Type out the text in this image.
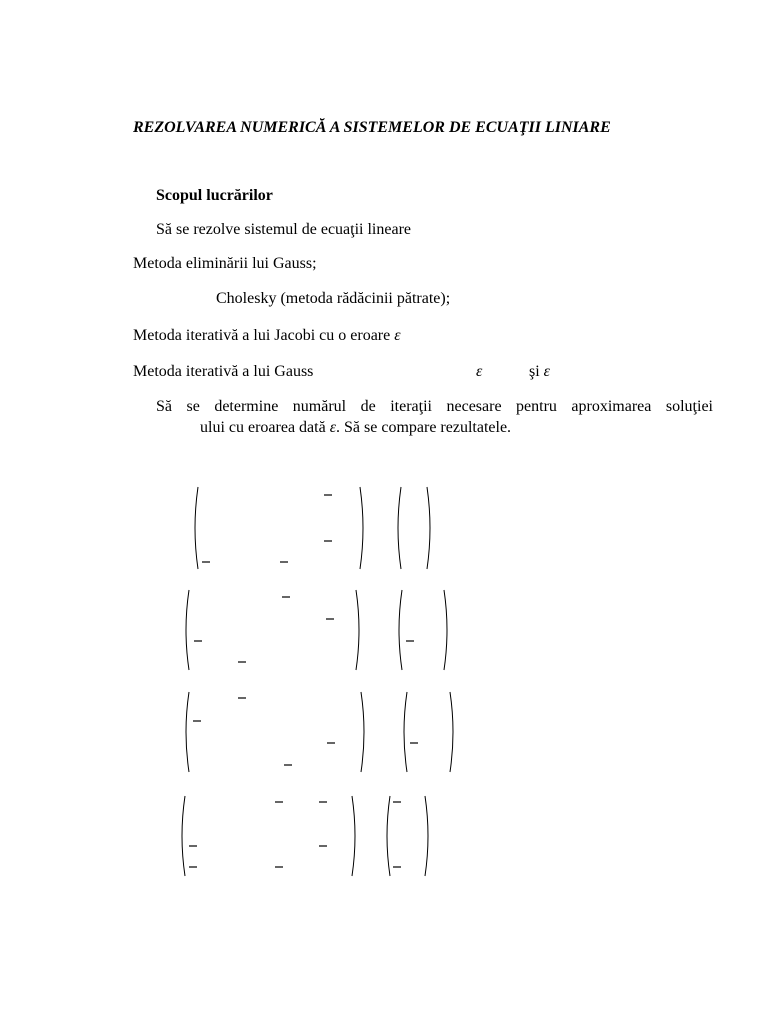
REZOLVAREA NUMERICĂ A SISTEMELOR DE ECUAŢII LINIARE
Scopul lucrărilor
Să se rezolve sistemul de ecuaţii lineare
Metoda eliminării lui Gauss;
Cholesky (metoda rădăcinii pătrate);
Metoda iterativă a lui Jacobi cu o eroare ε
Metoda iterativă a lui Gauss	ε	şi ε
Să se determine numărul de iteraţii necesare pentru aproximarea soluţiei
ului cu eroarea dată ε. Să se compare rezultatele.
